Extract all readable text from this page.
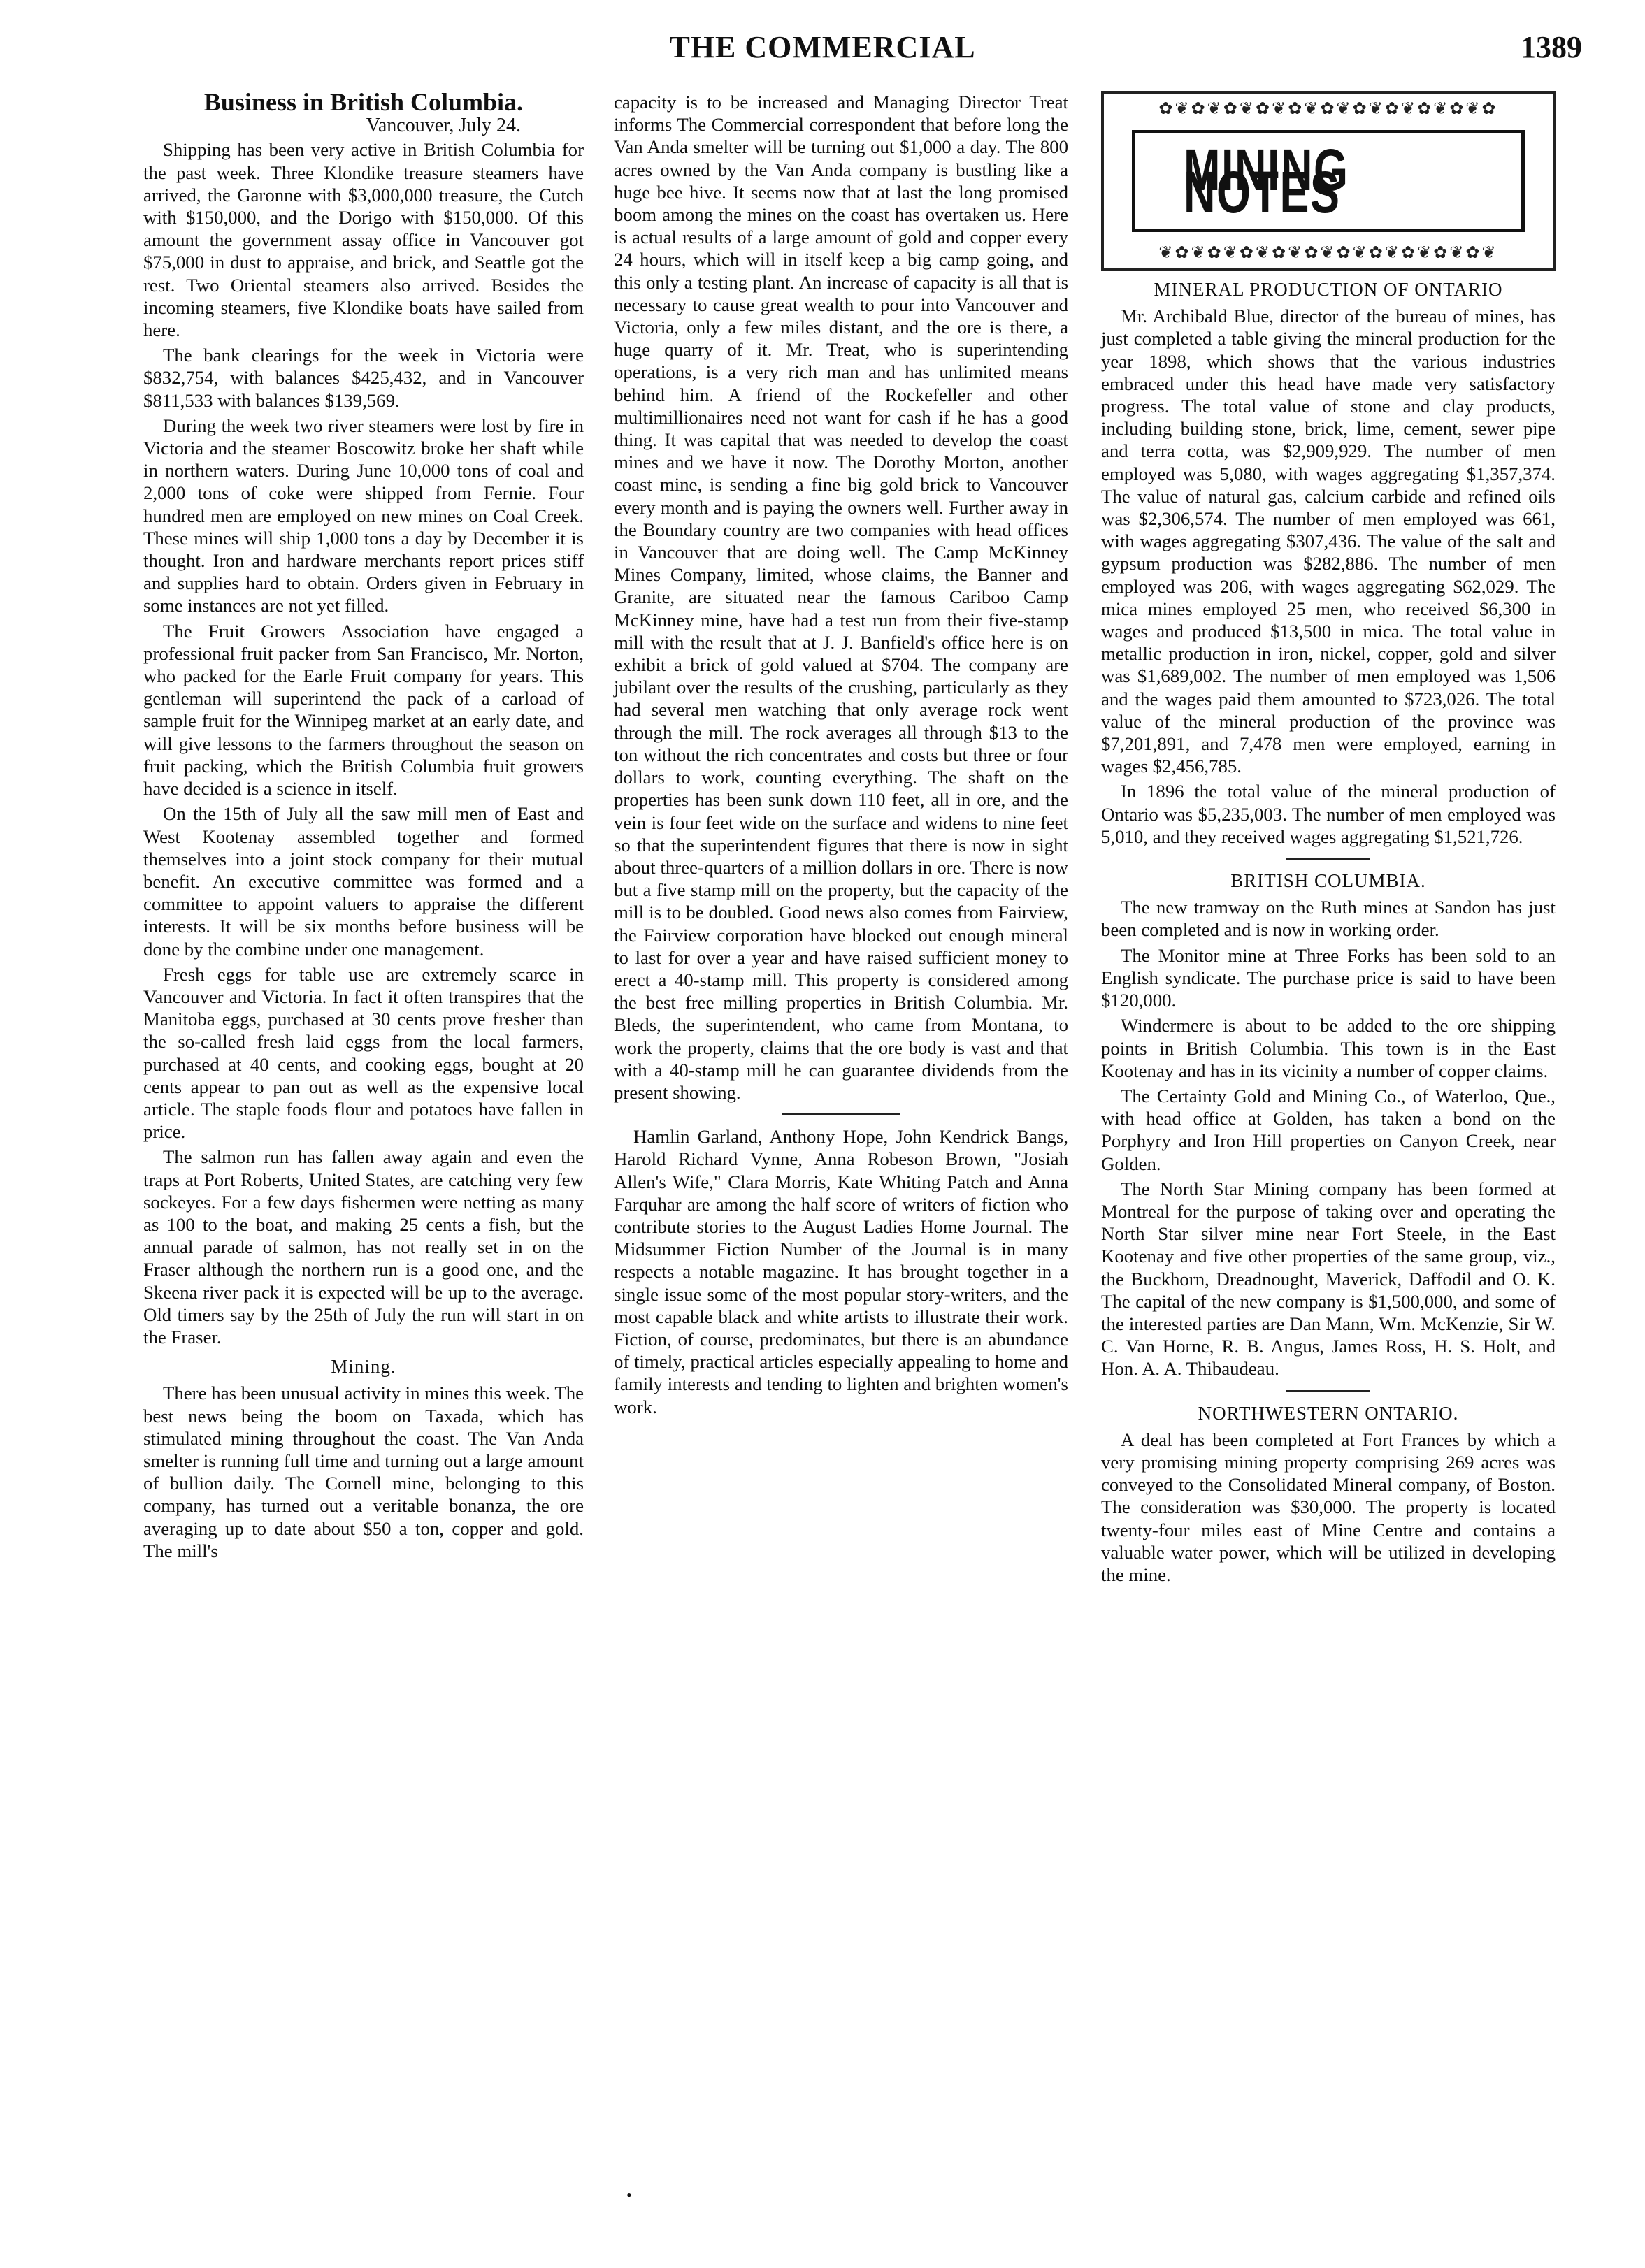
THE COMMERCIAL	1389
Business in British Columbia.
Vancouver, July 24.

Shipping has been very active in British Columbia for the past week. Three Klondike treasure steamers have arrived, the Garonne with $3,000,000 treasure, the Cutch with $150,000, and the Dorigo with $150,000. Of this amount the government assay office in Vancouver got $75,000 in dust to appraise, and brick, and Seattle got the rest. Two Oriental steamers also arrived. Besides the incoming steamers, five Klondike boats have sailed from here.

The bank clearings for the week in Victoria were $832,754, with balances $425,432, and in Vancouver $811,533 with balances $139,569.

During the week two river steamers were lost by fire in Victoria and the steamer Boscowitz broke her shaft while in northern waters. During June 10,000 tons of coal and 2,000 tons of coke were shipped from Fernie. Four hundred men are employed on new mines on Coal Creek. These mines will ship 1,000 tons a day by December it is thought. Iron and hardware merchants report prices stiff and supplies hard to obtain. Orders given in February in some instances are not yet filled.

The Fruit Growers Association have engaged a professional fruit packer from San Francisco, Mr. Norton, who packed for the Earle Fruit company for years. This gentleman will superintend the pack of a carload of sample fruit for the Winnipeg market at an early date, and will give lessons to the farmers throughout the season on fruit packing, which the British Columbia fruit growers have decided is a science in itself.

On the 15th of July all the saw mill men of East and West Kootenay assembled together and formed themselves into a joint stock company for their mutual benefit. An executive committee was formed and a committee to appoint valuers to appraise the different interests. It will be six months before business will be done by the combine under one management.

Fresh eggs for table use are extremely scarce in Vancouver and Victoria. In fact it often transpires that the Manitoba eggs, purchased at 30 cents prove fresher than the so-called fresh laid eggs from the local farmers, purchased at 40 cents, and cooking eggs, bought at 20 cents appear to pan out as well as the expensive local article. The staple foods flour and potatoes have fallen in price.

The salmon run has fallen away again and even the traps at Port Roberts, United States, are catching very few sockeyes. For a few days fishermen were netting as many as 100 to the boat, and making 25 cents a fish, but the annual parade of salmon, has not really set in on the Fraser although the northern run is a good one, and the Skeena river pack it is expected will be up to the average. Old timers say by the 25th of July the run will start in on the Fraser.

Mining.

There has been unusual activity in mines this week. The best news being the boom on Taxada, which has stimulated mining throughout the coast. The Van Anda smelter is running full time and turning out a large amount of bullion daily. The Cornell mine, belonging to this company, has turned out a veritable bonanza, the ore averaging up to date about $50 a ton, copper and gold. The mill's

capacity is to be increased and Managing Director Treat informs The Commercial correspondent that before long the Van Anda smelter will be turning out $1,000 a day. The 800 acres owned by the Van Anda company is bustling like a huge bee hive. It seems now that at last the long promised boom among the mines on the coast has overtaken us. Here is actual results of a large amount of gold and copper every 24 hours, which will in itself keep a big camp going, and this only a testing plant. An increase of capacity is all that is necessary to cause great wealth to pour into Vancouver and Victoria, only a few miles distant, and the ore is there, a huge quarry of it. Mr. Treat, who is superintending operations, is a very rich man and has unlimited means behind him. A friend of the Rockefeller and other multimillionaires need not want for cash if he has a good thing. It was capital that was needed to develop the coast mines and we have it now. The Dorothy Morton, another coast mine, is sending a fine big gold brick to Vancouver every month and is paying the owners well. Further away in the Boundary country are two companies with head offices in Vancouver that are doing well. The Camp McKinney Mines Company, limited, whose claims, the Banner and Granite, are situated near the famous Cariboo Camp McKinney mine, have had a test run from their five-stamp mill with the result that at J. J. Banfield's office here is on exhibit a brick of gold valued at $704. The company are jubilant over the results of the crushing, particularly as they had several men watching that only average rock went through the mill. The rock averages all through $13 to the ton without the rich concentrates and costs but three or four dollars to work, counting everything. The shaft on the properties has been sunk down 110 feet, all in ore, and the vein is four feet wide on the surface and widens to nine feet so that the superintendent figures that there is now in sight about three-quarters of a million dollars in ore. There is now but a five stamp mill on the property, but the capacity of the mill is to be doubled. Good news also comes from Fairview, the Fairview corporation have blocked out enough mineral to last for over a year and have raised sufficient money to erect a 40-stamp mill. This property is considered among the best free milling properties in British Columbia. Mr. Bleds, the superintendent, who came from Montana, to work the property, claims that the ore body is vast and that with a 40-stamp mill he can guarantee dividends from the present showing.

Hamlin Garland, Anthony Hope, John Kendrick Bangs, Harold Richard Vynne, Anna Robeson Brown, "Josiah Allen's Wife," Clara Morris, Kate Whiting Patch and Anna Farquhar are among the half score of writers of fiction who contribute stories to the August Ladies Home Journal. The Midsummer Fiction Number of the Journal is in many respects a notable magazine. It has brought together in a single issue some of the most popular story-writers, and the most capable black and white artists to illustrate their work. Fiction, of course, predominates, but there is an abundance of timely, practical articles especially appealing to home and family interests and tending to lighten and brighten women's work.

✿❦✿❦✿❦✿❦✿❦✿❦✿❦✿❦✿❦✿❦✿
MINING NOTES
❦✿❦✿❦✿❦✿❦✿❦✿❦✿❦✿❦✿❦✿❦
MINERAL PRODUCTION OF ONTARIO

Mr. Archibald Blue, director of the bureau of mines, has just completed a table giving the mineral production for the year 1898, which shows that the various industries embraced under this head have made very satisfactory progress. The total value of stone and clay products, including building stone, brick, lime, cement, sewer pipe and terra cotta, was $2,909,929. The number of men employed was 5,080, with wages aggregating $1,357,374. The value of natural gas, calcium carbide and refined oils was $2,306,574. The number of men employed was 661, with wages aggregating $307,436. The value of the salt and gypsum production was $282,886. The number of men employed was 206, with wages aggregating $62,029. The mica mines employed 25 men, who received $6,300 in wages and produced $13,500 in mica. The total value in metallic production in iron, nickel, copper, gold and silver was $1,689,002. The number of men employed was 1,506 and the wages paid them amounted to $723,026. The total value of the mineral production of the province was $7,201,891, and 7,478 men were employed, earning in wages $2,456,785.

In 1896 the total value of the mineral production of Ontario was $5,235,003. The number of men employed was 5,010, and they received wages aggregating $1,521,726.

BRITISH COLUMBIA.

The new tramway on the Ruth mines at Sandon has just been completed and is now in working order.

The Monitor mine at Three Forks has been sold to an English syndicate. The purchase price is said to have been $120,000.

Windermere is about to be added to the ore shipping points in British Columbia. This town is in the East Kootenay and has in its vicinity a number of copper claims.

The Certainty Gold and Mining Co., of Waterloo, Que., with head office at Golden, has taken a bond on the Porphyry and Iron Hill properties on Canyon Creek, near Golden.

The North Star Mining company has been formed at Montreal for the purpose of taking over and operating the North Star silver mine near Fort Steele, in the East Kootenay and five other properties of the same group, viz., the Buckhorn, Dreadnought, Maverick, Daffodil and O. K. The capital of the new company is $1,500,000, and some of the interested parties are Dan Mann, Wm. McKenzie, Sir W. C. Van Horne, R. B. Angus, James Ross, H. S. Holt, and Hon. A. A. Thibaudeau.

NORTHWESTERN ONTARIO.

A deal has been completed at Fort Frances by which a very promising mining property comprising 269 acres was conveyed to the Consolidated Mineral company, of Boston. The consideration was $30,000. The property is located twenty-four miles east of Mine Centre and contains a valuable water power, which will be utilized in developing the mine.

•
